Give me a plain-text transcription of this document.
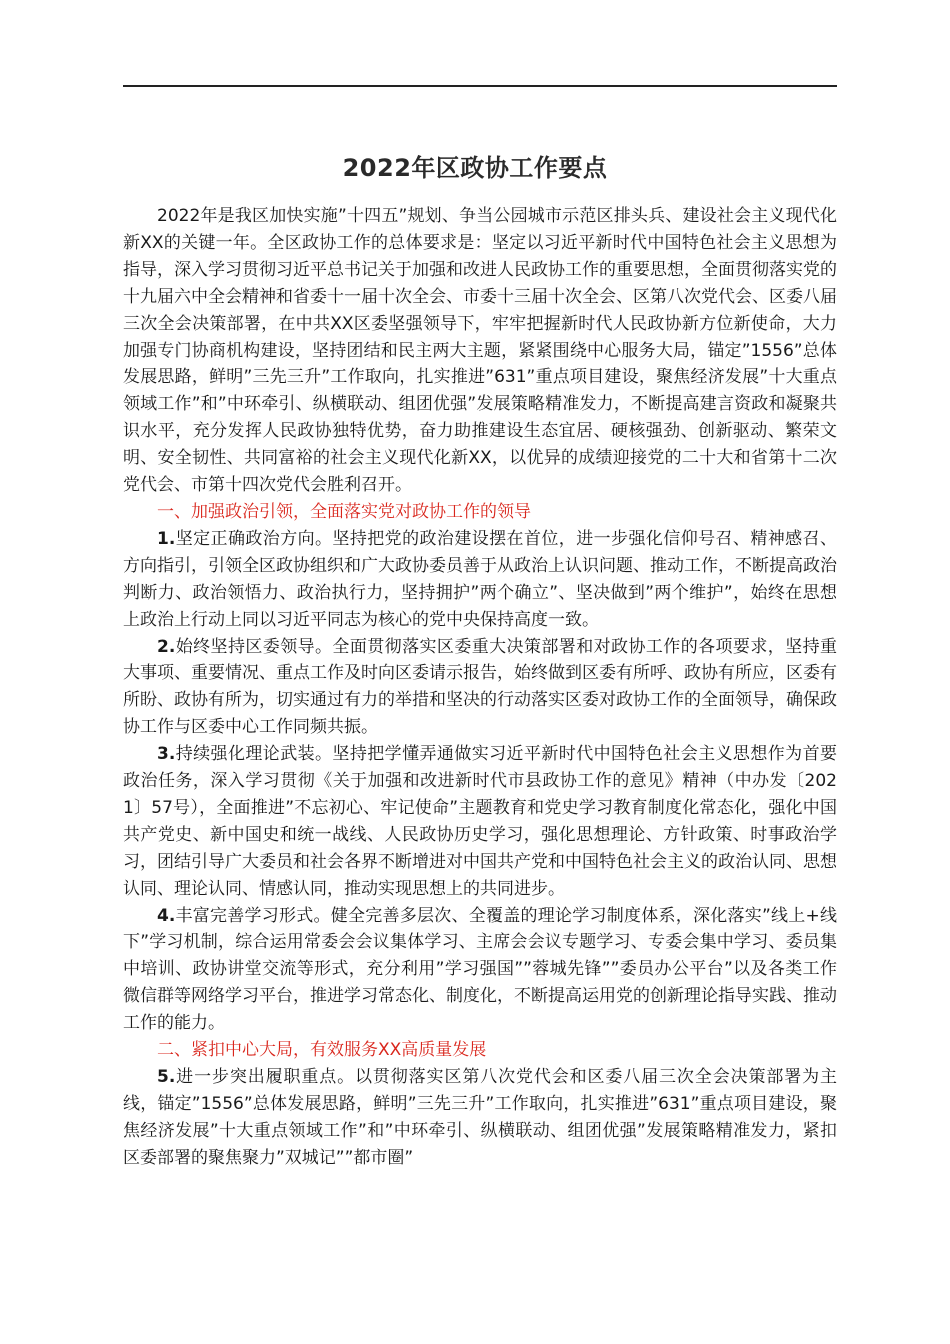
2022年区政协工作要点

2022年是我区加快实施”十四五”规划、争当公园城市示范区排头兵、建设社会主义现代化新XX的关键一年。全区政协工作的总体要求是：坚定以习近平新时代中国特色社会主义思想为指导，深入学习贯彻习近平总书记关于加强和改进人民政协工作的重要思想，全面贯彻落实党的十九届六中全会精神和省委十一届十次全会、市委十三届十次全会、区第八次党代会、区委八届三次全会决策部署，在中共XX区委坚强领导下，牢牢把握新时代人民政协新方位新使命，大力加强专门协商机构建设，坚持团结和民主两大主题，紧紧围绕中心服务大局，锚定”1556”总体发展思路，鲜明”三先三升”工作取向，扎实推进”631”重点项目建设，聚焦经济发展”十大重点领域工作”和”中环牵引、纵横联动、组团优强”发展策略精准发力，不断提高建言资政和凝聚共识水平，充分发挥人民政协独特优势，奋力助推建设生态宜居、硬核强劲、创新驱动、繁荣文明、安全韧性、共同富裕的社会主义现代化新XX，以优异的成绩迎接党的二十大和省第十二次党代会、市第十四次党代会胜利召开。

一、加强政治引领，全面落实党对政协工作的领导

1.坚定正确政治方向。坚持把党的政治建设摆在首位，进一步强化信仰号召、精神感召、方向指引，引领全区政协组织和广大政协委员善于从政治上认识问题、推动工作，不断提高政治判断力、政治领悟力、政治执行力，坚持拥护”两个确立”、坚决做到”两个维护”，始终在思想上政治上行动上同以习近平同志为核心的党中央保持高度一致。

2.始终坚持区委领导。全面贯彻落实区委重大决策部署和对政协工作的各项要求，坚持重大事项、重要情况、重点工作及时向区委请示报告，始终做到区委有所呼、政协有所应，区委有所盼、政协有所为，切实通过有力的举措和坚决的行动落实区委对政协工作的全面领导，确保政协工作与区委中心工作同频共振。

3.持续强化理论武装。坚持把学懂弄通做实习近平新时代中国特色社会主义思想作为首要政治任务，深入学习贯彻《关于加强和改进新时代市县政协工作的意见》精神（中办发〔2021〕57号），全面推进”不忘初心、牢记使命”主题教育和党史学习教育制度化常态化，强化中国共产党史、新中国史和统一战线、人民政协历史学习，强化思想理论、方针政策、时事政治学习，团结引导广大委员和社会各界不断增进对中国共产党和中国特色社会主义的政治认同、思想认同、理论认同、情感认同，推动实现思想上的共同进步。

4.丰富完善学习形式。健全完善多层次、全覆盖的理论学习制度体系，深化落实”线上+线下”学习机制，综合运用常委会会议集体学习、主席会会议专题学习、专委会集中学习、委员集中培训、政协讲堂交流等形式，充分利用”学习强国””蓉城先锋””委员办公平台”以及各类工作微信群等网络学习平台，推进学习常态化、制度化，不断提高运用党的创新理论指导实践、推动工作的能力。

二、紧扣中心大局，有效服务XX高质量发展

5.进一步突出履职重点。以贯彻落实区第八次党代会和区委八届三次全会决策部署为主线，锚定”1556”总体发展思路，鲜明”三先三升”工作取向，扎实推进”631”重点项目建设，聚焦经济发展”十大重点领域工作”和”中环牵引、纵横联动、组团优强”发展策略精准发力，紧扣区委部署的聚焦聚力”双城记””都市圈”
